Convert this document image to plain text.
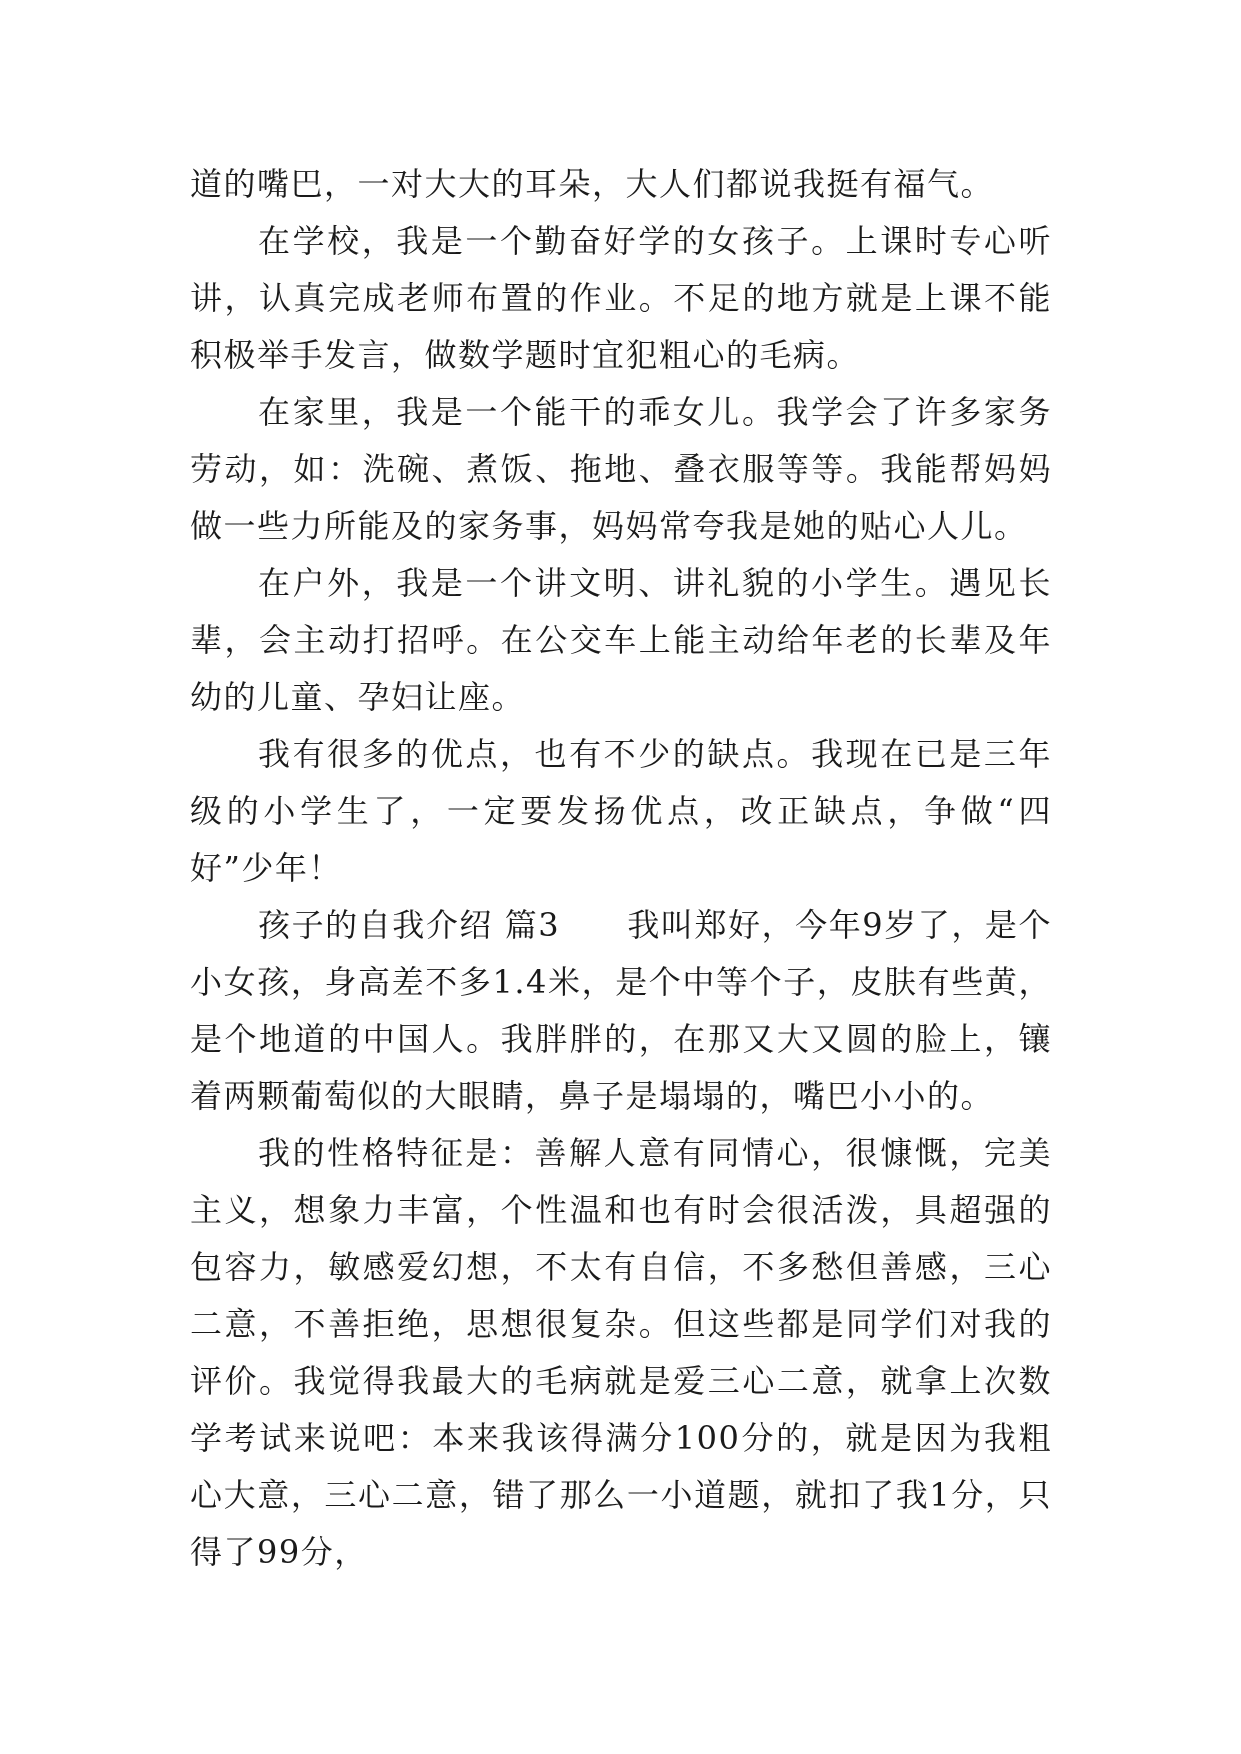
道的嘴巴，一对大大的耳朵，大人们都说我挺有福气。

在学校，我是一个勤奋好学的女孩子。上课时专心听讲，认真完成老师布置的作业。不足的地方就是上课不能积极举手发言，做数学题时宜犯粗心的毛病。

在家里，我是一个能干的乖女儿。我学会了许多家务劳动，如：洗碗、煮饭、拖地、叠衣服等等。我能帮妈妈做一些力所能及的家务事，妈妈常夸我是她的贴心人儿。

在户外，我是一个讲文明、讲礼貌的小学生。遇见长辈，会主动打招呼。在公交车上能主动给年老的长辈及年幼的儿童、孕妇让座。

我有很多的优点，也有不少的缺点。我现在已是三年级的小学生了，一定要发扬优点，改正缺点，争做“四好”少年！

孩子的自我介绍 篇3　　我叫郑好，今年9岁了，是个小女孩，身高差不多1.4米，是个中等个子，皮肤有些黄，是个地道的中国人。我胖胖的，在那又大又圆的脸上，镶着两颗葡萄似的大眼睛，鼻子是塌塌的，嘴巴小小的。

我的性格特征是：善解人意有同情心，很慷慨，完美主义，想象力丰富，个性温和也有时会很活泼，具超强的包容力，敏感爱幻想，不太有自信，不多愁但善感，三心二意，不善拒绝，思想很复杂。但这些都是同学们对我的评价。我觉得我最大的毛病就是爱三心二意，就拿上次数学考试来说吧：本来我该得满分100分的，就是因为我粗心大意，三心二意，错了那么一小道题，就扣了我1分，只得了99分，
